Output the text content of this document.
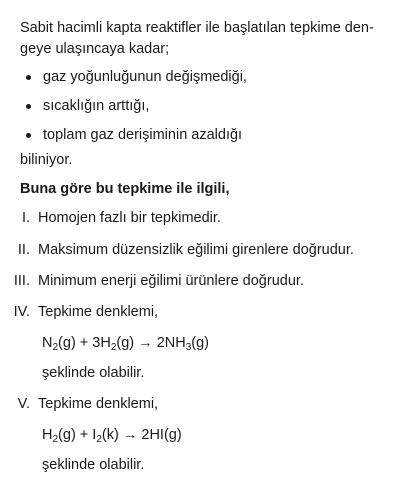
Sabit hacimli kapta reaktifler ile başlatılan tepkime den-geye ulaşıncaya kadar;
gaz yoğunluğunun değişmediği,
sıcaklığın arttığı,
toplam gaz derişiminin azaldığı
biliniyor.
Buna göre bu tepkime ile ilgili,
I. Homojen fazlı bir tepkimedir.
II. Maksimum düzensizlik eğilimi girenlere doğrudur.
III. Minimum enerji eğilimi ürünlere doğrudur.
IV. Tepkime denklemi,
$N_2(g) + 3H_2(g) \to 2NH_3(g)$
şeklinde olabilir.
V. Tepkime denklemi,
$H_2(g) + I_2(k) \to 2HI(g)$
şeklinde olabilir.
